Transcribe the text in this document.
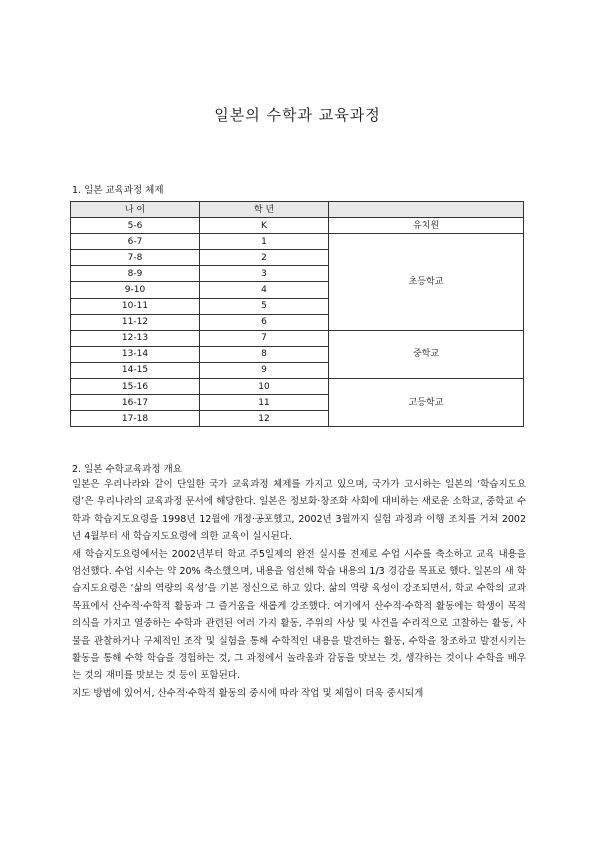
일본의 수학과 교육과정
1. 일본 교육과정 체제
나 이	학 년	
5-6	K	유치원
6-7	1	초등학교
7-8	2	
8-9	3	
9-10	4	
10-11	5	
11-12	6	
12-13	7	중학교
13-14	8	
14-15	9	
15-16	10	고등학교
16-17	11	
17-18	12	
2. 일본 수학교육과정 개요

일본은 우리나라와 같이 단일한 국가 교육과정 체제를 가지고 있으며, 국가가 고시하는 일본의 ‘학습지도요령’은 우리나라의 교육과정 문서에 해당한다. 일본은 정보화·창조화 사회에 대비하는 새로운 소학교, 중학교 수학과 학습지도요령을 1998년 12월에 개정·공포했고, 2002년 3월까지 실험 과정과 이행 조치를 거쳐 2002년 4월부터 새 학습지도요령에 의한 교육이 실시된다.

새 학습지도요령에서는 2002년부터 학교 주5일제의 완전 실시를 전제로 수업 시수를 축소하고 교육 내용을 엄선했다. 수업 시수는 약 20% 축소했으며, 내용을 엄선해 학습 내용의 1/3 경감을 목표로 했다. 일본의 새 학습지도요령은 ‘삶의 역량의 육성’을 기본 정신으로 하고 있다. 삶의 역량 육성이 강조되면서, 학교 수학의 교과 목표에서 산수적·수학적 활동과 그 즐거움을 새롭게 강조했다. 여기에서 산수적·수학적 활동에는 학생이 목적의식을 가지고 열중하는 수학과 관련된 여러 가지 활동, 주위의 사상 및 사건을 수리적으로 고찰하는 활동, 사물을 관찰하거나 구체적인 조작 및 실험을 통해 수학적인 내용을 발견하는 활동, 수학을 창조하고 발전시키는 활동을 통해 수학 학습을 경험하는 것, 그 과정에서 놀라움과 감동을 맛보는 것, 생각하는 것이나 수학을 배우는 것의 재미를 맛보는 것 등이 포함된다.

지도 방법에 있어서, 산수적·수학적 활동의 중시에 따라 작업 및 체험이 더욱 중시되게
